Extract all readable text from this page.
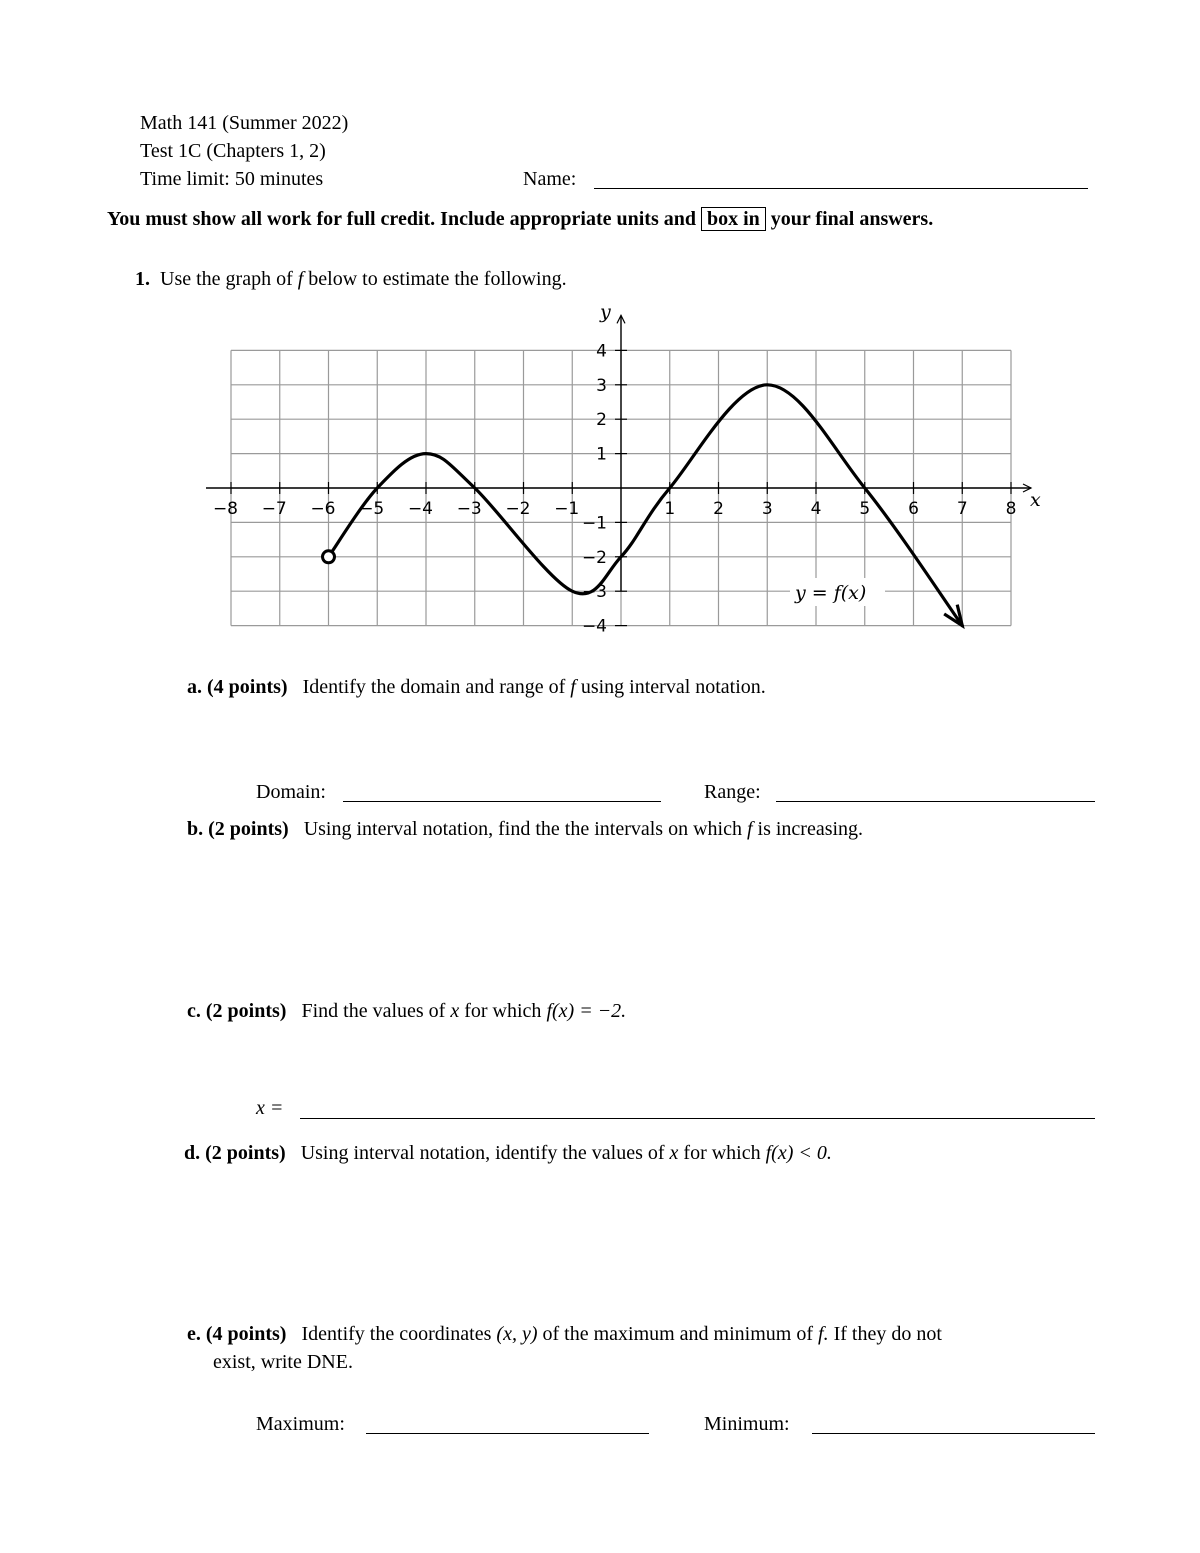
Math 141 (Summer 2022)
Test 1C (Chapters 1, 2)
Time limit: 50 minutes	Name:
You must show all work for full credit. Include appropriate units and box in your final answers.
1. Use the graph of f below to estimate the following.
−8 −7 −6 −5 −4 −3 −2 −1	1 2 3 4 5 6 7 8
−4
−3
−2
−1
1
2
3
4
x
y
y = f(x)
a. (4 points) Identify the domain and range of f using interval notation.
Domain:	Range:
b. (2 points) Using interval notation, find the the intervals on which f is increasing.
c. (2 points) Find the values of x for which f(x) = −2.
x =
d. (2 points) Using interval notation, identify the values of x for which f(x) < 0.
e. (4 points) Identify the coordinates (x, y) of the maximum and minimum of f. If they do not
exist, write DNE.
Maximum:	Minimum:
